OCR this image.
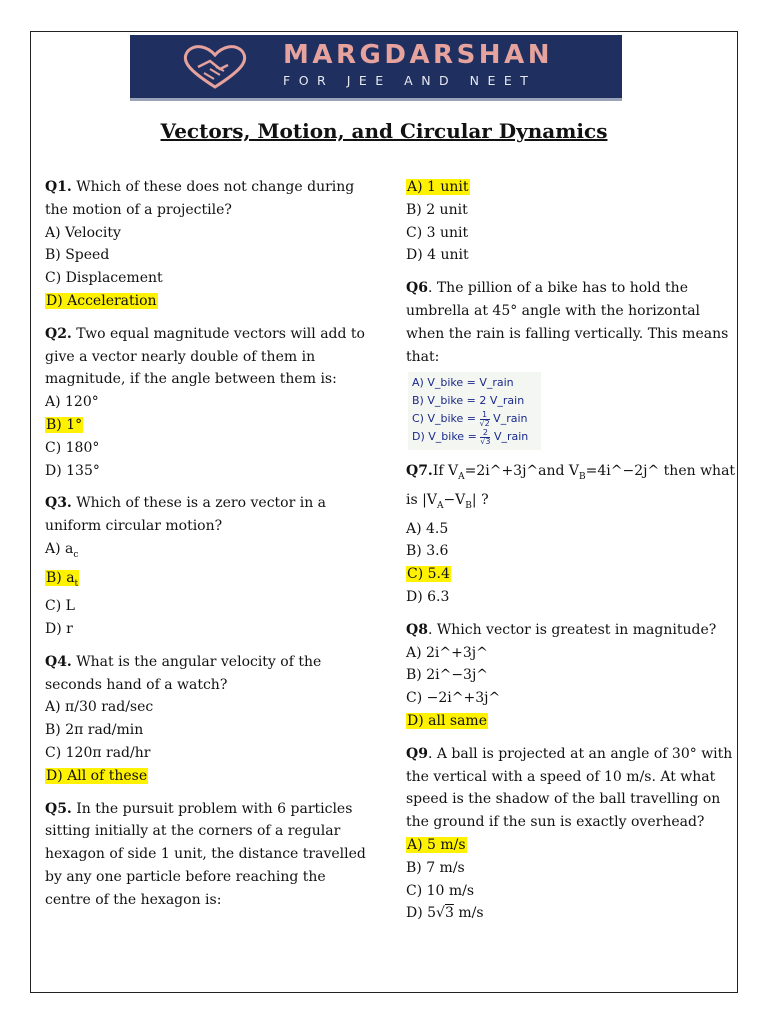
MARGDARSHAN
FOR JEE AND NEET
Vectors, Motion, and Circular Dynamics
Q1. Which of these does not change during
the motion of a projectile?
A) Velocity
B) Speed
C) Displacement
D) Acceleration
Q2. Two equal magnitude vectors will add to
give a vector nearly double of them in
magnitude, if the angle between them is:
A) 120°
B) 1°
C) 180°
D) 135°
Q3. Which of these is a zero vector in a
uniform circular motion?
A) $a_c$
B) $a_t$
C) L
D) r
Q4. What is the angular velocity of the
seconds hand of a watch?
A) π/30 rad/sec
B) 2π rad/min
C) 120π rad/hr
D) All of these
Q5. In the pursuit problem with 6 particles
sitting initially at the corners of a regular
hexagon of side 1 unit, the distance travelled
by any one particle before reaching the
centre of the hexagon is:
A) 1 unit
B) 2 unit
C) 3 unit
D) 4 unit
Q6. The pillion of a bike has to hold the
umbrella at 45° angle with the horizontal
when the rain is falling vertically. This means
that:
A) V_bike = V_rain
B) V_bike = 2 V_rain
C) V_bike = $\frac{1}{√2}$ V_rain
D) V_bike = $\frac{2}{√3}$ V_rain
Q7.If $V_A=2i\^{}+3j\^{}and$ $V_B=4i\^{}-2j\^{}$ then what
is $|V_A-V_B|$ ?
A) 4.5
B) 3.6
C) 5.4
D) 6.3
Q8. Which vector is greatest in magnitude?
A) 2i^+3j^
B) 2i^−3j^
C) −2i^+3j^
D) all same
Q9. A ball is projected at an angle of 30° with
the vertical with a speed of 10 m/s. At what
speed is the shadow of the ball travelling on
the ground if the sun is exactly overhead?
A) 5 m/s
B) 7 m/s
C) 10 m/s
D) 5√3 m/s
